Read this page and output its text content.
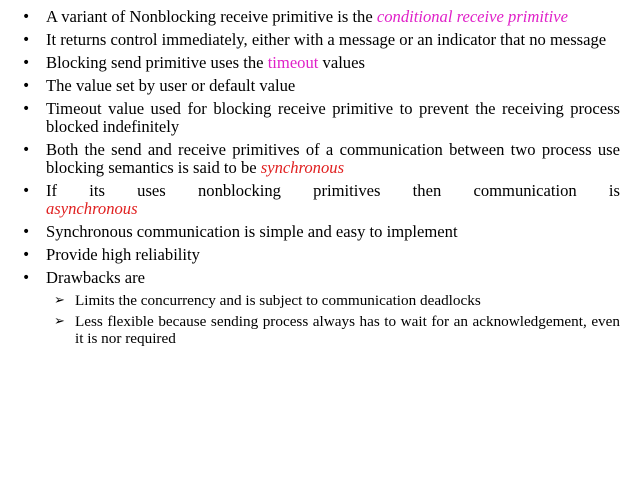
• A variant of Nonblocking receive primitive is the conditional receive primitive
• It returns control immediately, either with a message or an indicator that no message
• Blocking send primitive uses the timeout values
• The value set by user or default value
• Timeout value used for blocking receive primitive to prevent the receiving process blocked indefinitely
• Both the send and receive primitives of a communication between two process use blocking semantics is said to be synchronous
• If its uses nonblocking primitives then communication is
asynchronous
• Synchronous communication is simple and easy to implement
• Provide high reliability
• Drawbacks are
➢ Limits the concurrency and is subject to communication deadlocks
➢ Less flexible because sending process always has to wait for an acknowledgement, even it is nor required
